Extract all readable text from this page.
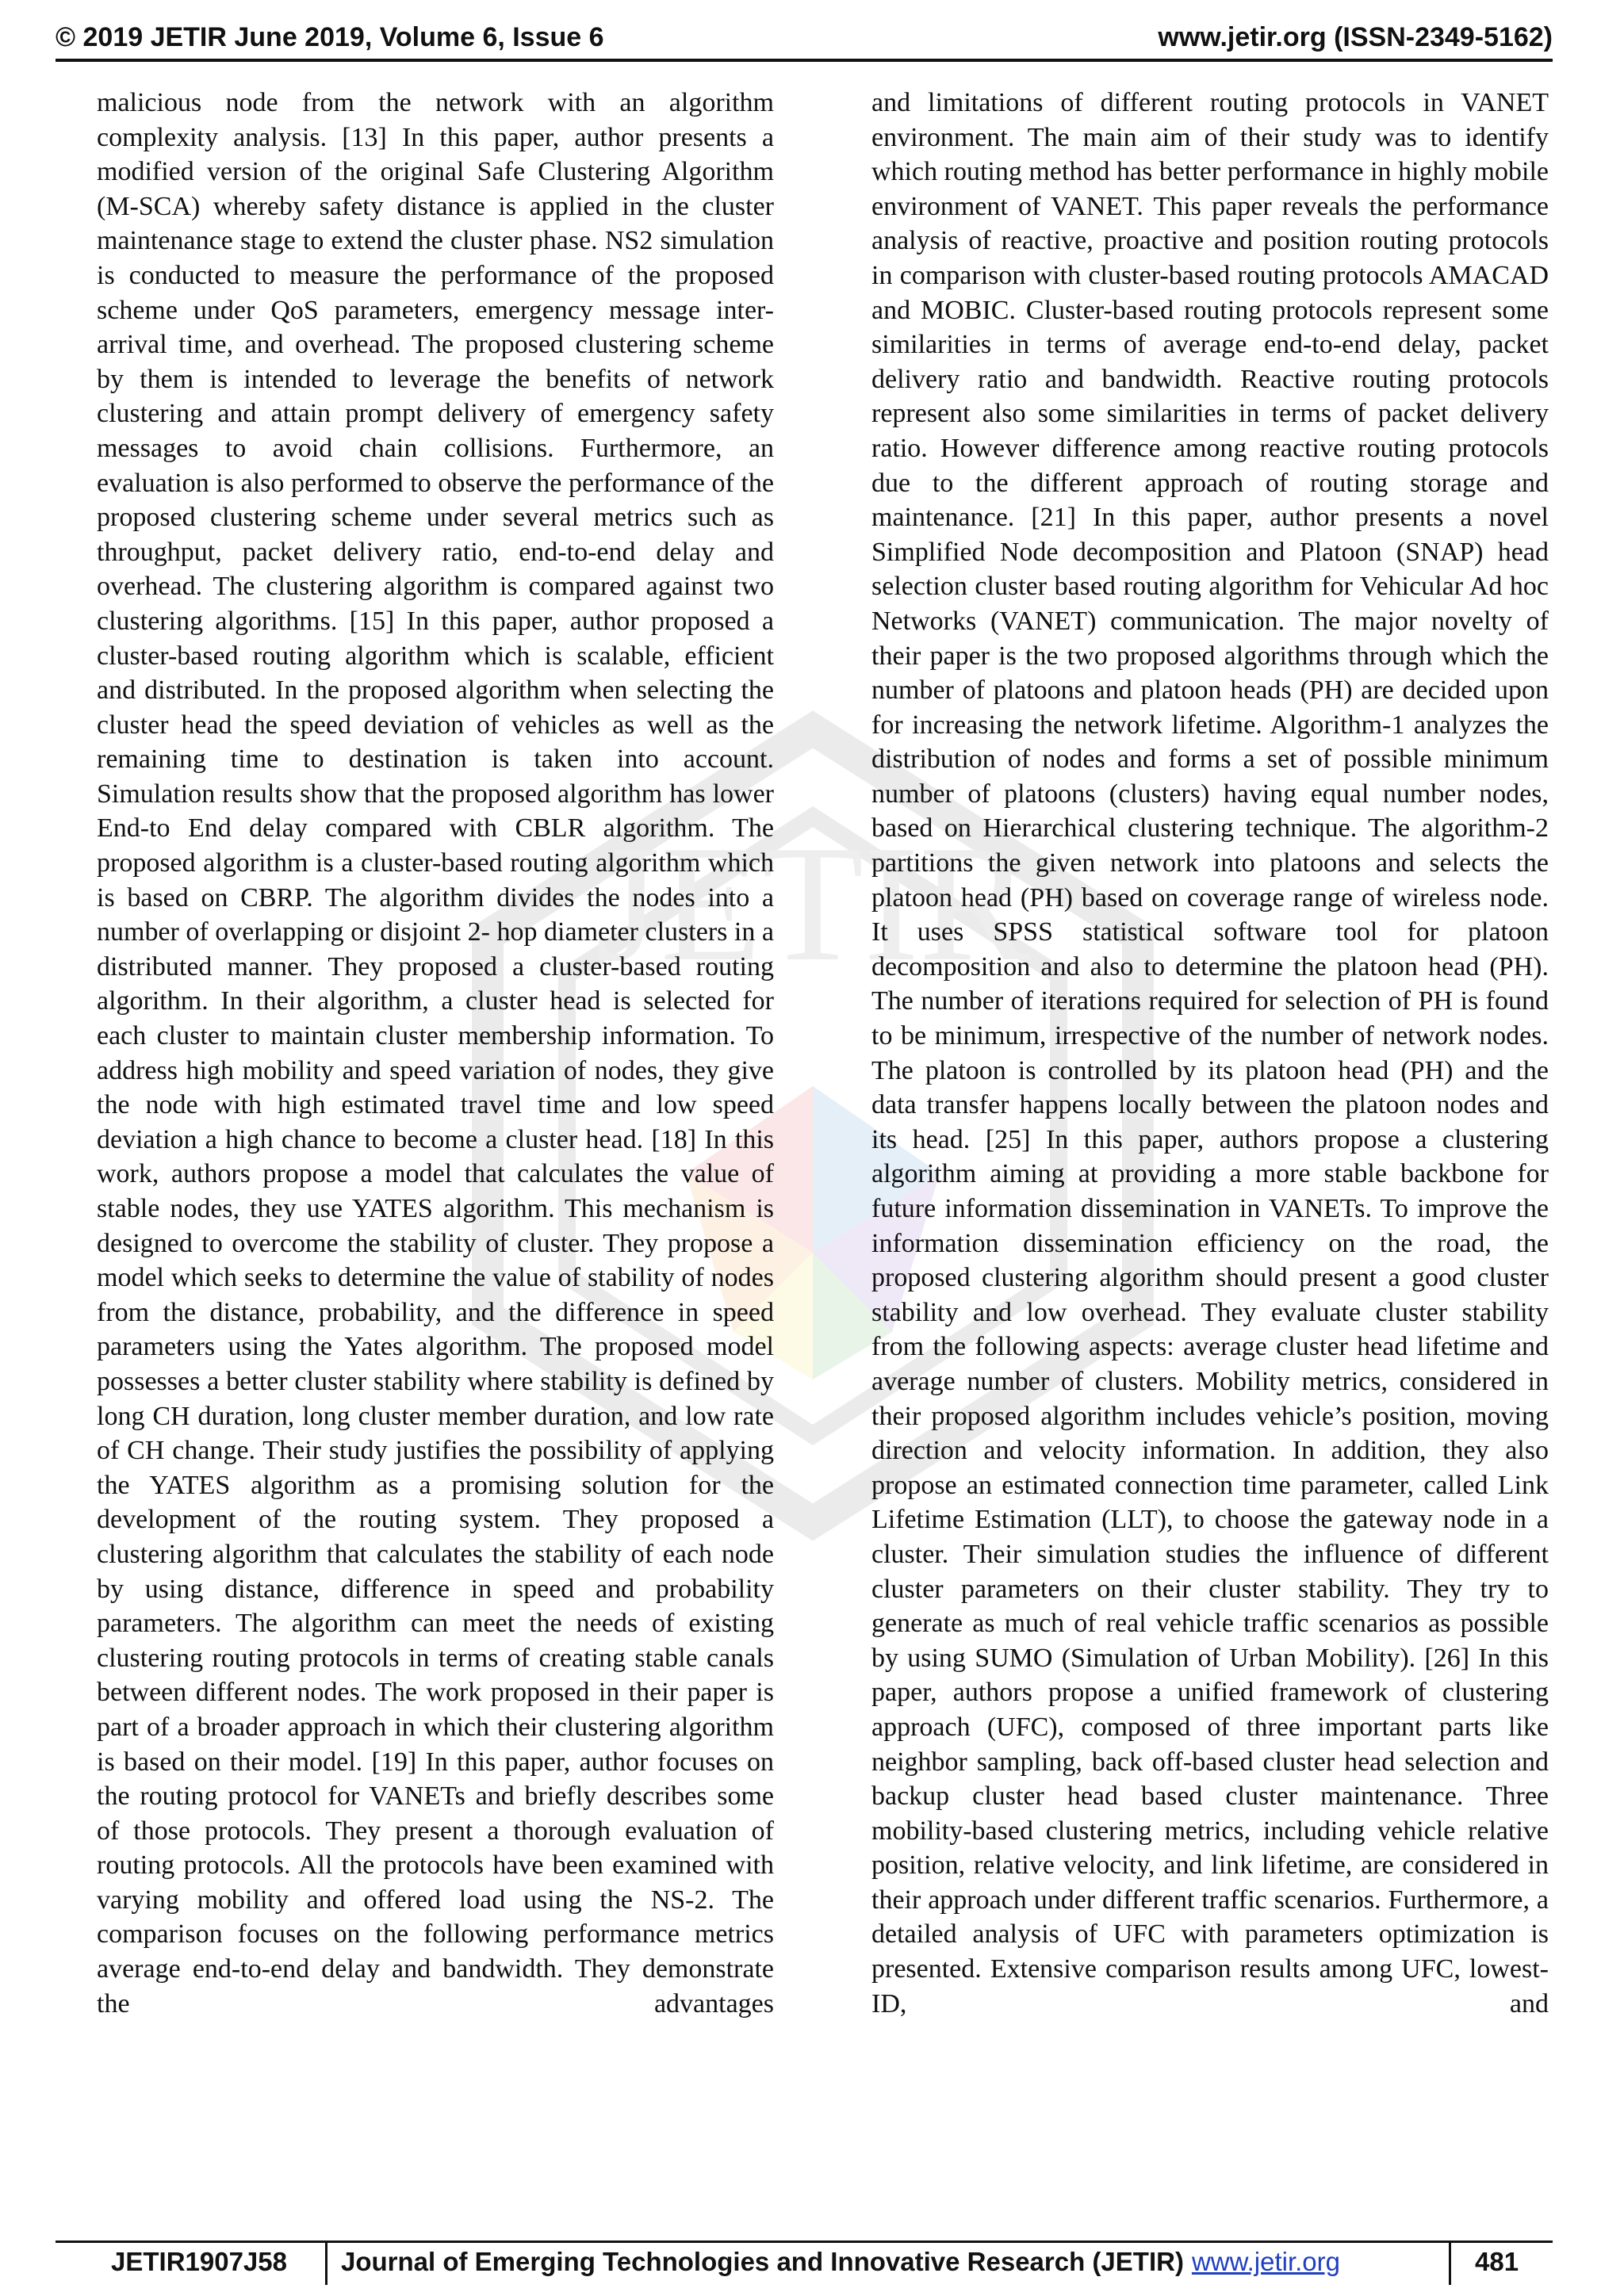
© 2019 JETIR June 2019, Volume 6, Issue 6	www.jetir.org (ISSN-2349-5162)
JETIR

malicious node from the network with an algorithm complexity analysis. [13] In this paper, author presents a modified version of the original Safe Clustering Algorithm (M-SCA) whereby safety distance is applied in the cluster maintenance stage to extend the cluster phase. NS2 simulation is conducted to measure the performance of the proposed scheme under QoS parameters, emergency message inter-arrival time, and overhead. The proposed clustering scheme by them is intended to leverage the benefits of network clustering and attain prompt delivery of emergency safety messages to avoid chain collisions. Furthermore, an evaluation is also performed to observe the performance of the proposed clustering scheme under several metrics such as throughput, packet delivery ratio, end-to-end delay and overhead. The clustering algorithm is compared against two clustering algorithms. [15] In this paper, author proposed a cluster-based routing algorithm which is scalable, efficient and distributed. In the proposed algorithm when selecting the cluster head the speed deviation of vehicles as well as the remaining time to destination is taken into account. Simulation results show that the proposed algorithm has lower End-to End delay compared with CBLR algorithm. The proposed algorithm is a cluster-based routing algorithm which is based on CBRP. The algorithm divides the nodes into a number of overlapping or disjoint 2- hop diameter clusters in a distributed manner. They proposed a cluster-based routing algorithm. In their algorithm, a cluster head is selected for each cluster to maintain cluster membership information. To address high mobility and speed variation of nodes, they give the node with high estimated travel time and low speed deviation a high chance to become a cluster head. [18] In this work, authors propose a model that calculates the value of stable nodes, they use YATES algorithm. This mechanism is designed to overcome the stability of cluster. They propose a model which seeks to determine the value of stability of nodes from the distance, probability, and the difference in speed parameters using the Yates algorithm. The proposed model possesses a better cluster stability where stability is defined by long CH duration, long cluster member duration, and low rate of CH change. Their study justifies the possibility of applying the YATES algorithm as a promising solution for the development of the routing system. They proposed a clustering algorithm that calculates the stability of each node by using distance, difference in speed and probability parameters. The algorithm can meet the needs of existing clustering routing protocols in terms of creating stable canals between different nodes. The work proposed in their paper is part of a broader approach in which their clustering algorithm is based on their model. [19] In this paper, author focuses on the routing protocol for VANETs and briefly describes some of those protocols. They present a thorough evaluation of routing protocols. All the protocols have been examined with varying mobility and offered load using the NS-2. The comparison focuses on the following performance metrics average end-to-end delay and bandwidth. They demonstrate the advantages

and limitations of different routing protocols in VANET environment. The main aim of their study was to identify which routing method has better performance in highly mobile environment of VANET. This paper reveals the performance analysis of reactive, proactive and position routing protocols in comparison with cluster-based routing protocols AMACAD and MOBIC. Cluster-based routing protocols represent some similarities in terms of average end-to-end delay, packet delivery ratio and bandwidth. Reactive routing protocols represent also some similarities in terms of packet delivery ratio. However difference among reactive routing protocols due to the different approach of routing storage and maintenance. [21] In this paper, author presents a novel Simplified Node decomposition and Platoon (SNAP) head selection cluster based routing algorithm for Vehicular Ad hoc Networks (VANET) communication. The major novelty of their paper is the two proposed algorithms through which the number of platoons and platoon heads (PH) are decided upon for increasing the network lifetime. Algorithm-1 analyzes the distribution of nodes and forms a set of possible minimum number of platoons (clusters) having equal number nodes, based on Hierarchical clustering technique. The algorithm-2 partitions the given network into platoons and selects the platoon head (PH) based on coverage range of wireless node. It uses SPSS statistical software tool for platoon decomposition and also to determine the platoon head (PH). The number of iterations required for selection of PH is found to be minimum, irrespective of the number of network nodes. The platoon is controlled by its platoon head (PH) and the data transfer happens locally between the platoon nodes and its head. [25] In this paper, authors propose a clustering algorithm aiming at providing a more stable backbone for future information dissemination in VANETs. To improve the information dissemination efficiency on the road, the proposed clustering algorithm should present a good cluster stability and low overhead. They evaluate cluster stability from the following aspects: average cluster head lifetime and average number of clusters. Mobility metrics, considered in their proposed algorithm includes vehicle’s position, moving direction and velocity information. In addition, they also propose an estimated connection time parameter, called Link Lifetime Estimation (LLT), to choose the gateway node in a cluster. Their simulation studies the influence of different cluster parameters on their cluster stability. They try to generate as much of real vehicle traffic scenarios as possible by using SUMO (Simulation of Urban Mobility). [26] In this paper, authors propose a unified framework of clustering approach (UFC), composed of three important parts like neighbor sampling, back off-based cluster head selection and backup cluster head based cluster maintenance. Three mobility-based clustering metrics, including vehicle relative position, relative velocity, and link lifetime, are considered in their approach under different traffic scenarios. Furthermore, a detailed analysis of UFC with parameters optimization is presented. Extensive comparison results among UFC, lowest-ID, and

JETIR1907J58 Journal of Emerging Technologies and Innovative Research (JETIR) www.jetir.org	481
